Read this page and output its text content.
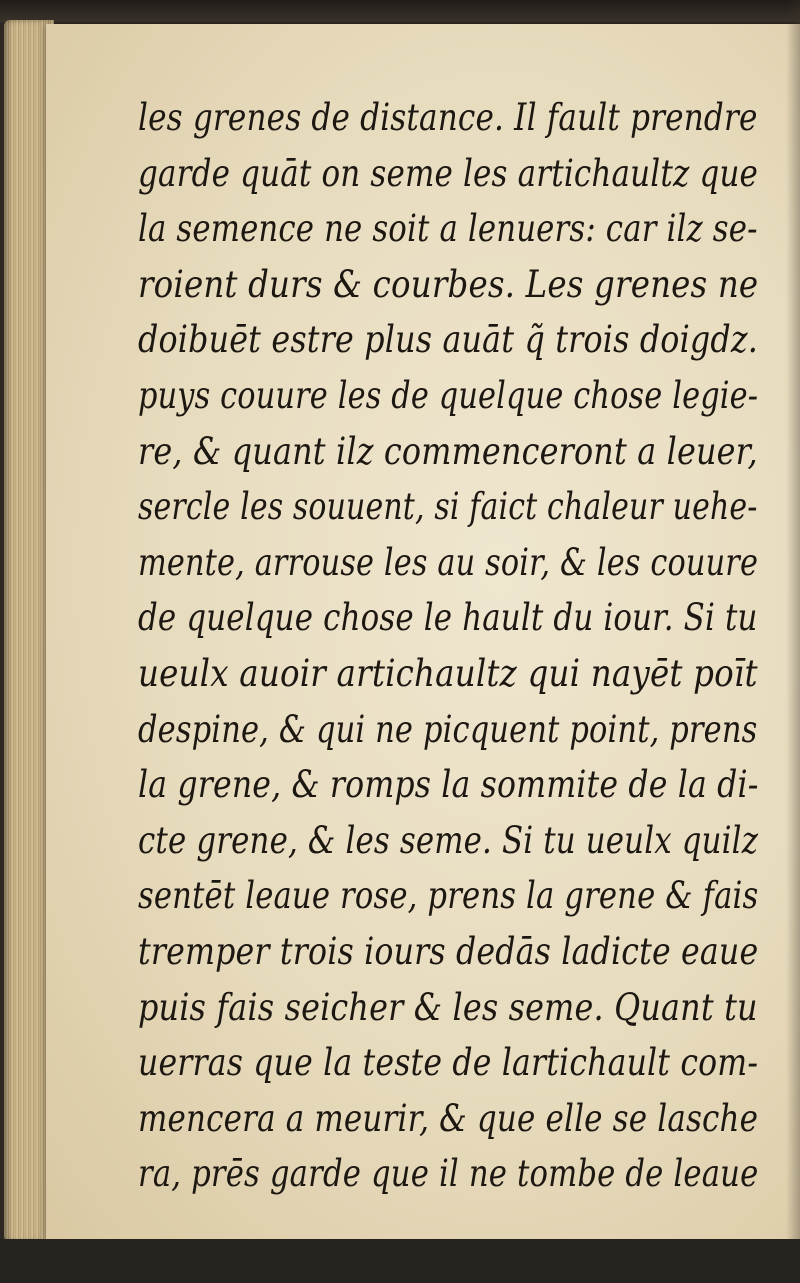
les grenes de distance. Il fault prendre
garde quāt on seme les artichaultz que
la semence ne soit a lenuers: car ilz se-
roient durs & courbes. Les grenes ne
doibuēt estre plus auāt q̃ trois doigdz.
puys couure les de quelque chose legie-
re, & quant ilz commenceront a leuer,
sercle les souuent, si faict chaleur uehe-
mente, arrouse les au soir, & les couure
de quelque chose le hault du iour. Si tu
ueulx auoir artichaultz qui nayēt poīt
despine, & qui ne picquent point, prens
la grene, & romps la sommite de la di-
cte grene, & les seme. Si tu ueulx quilz
sentēt leaue rose, prens la grene & fais
tremper trois iours dedās ladicte eaue
puis fais seicher & les seme. Quant tu
uerras que la teste de lartichault com-
mencera a meurir, & que elle se lasche
ra, prēs garde que il ne tombe de leaue
